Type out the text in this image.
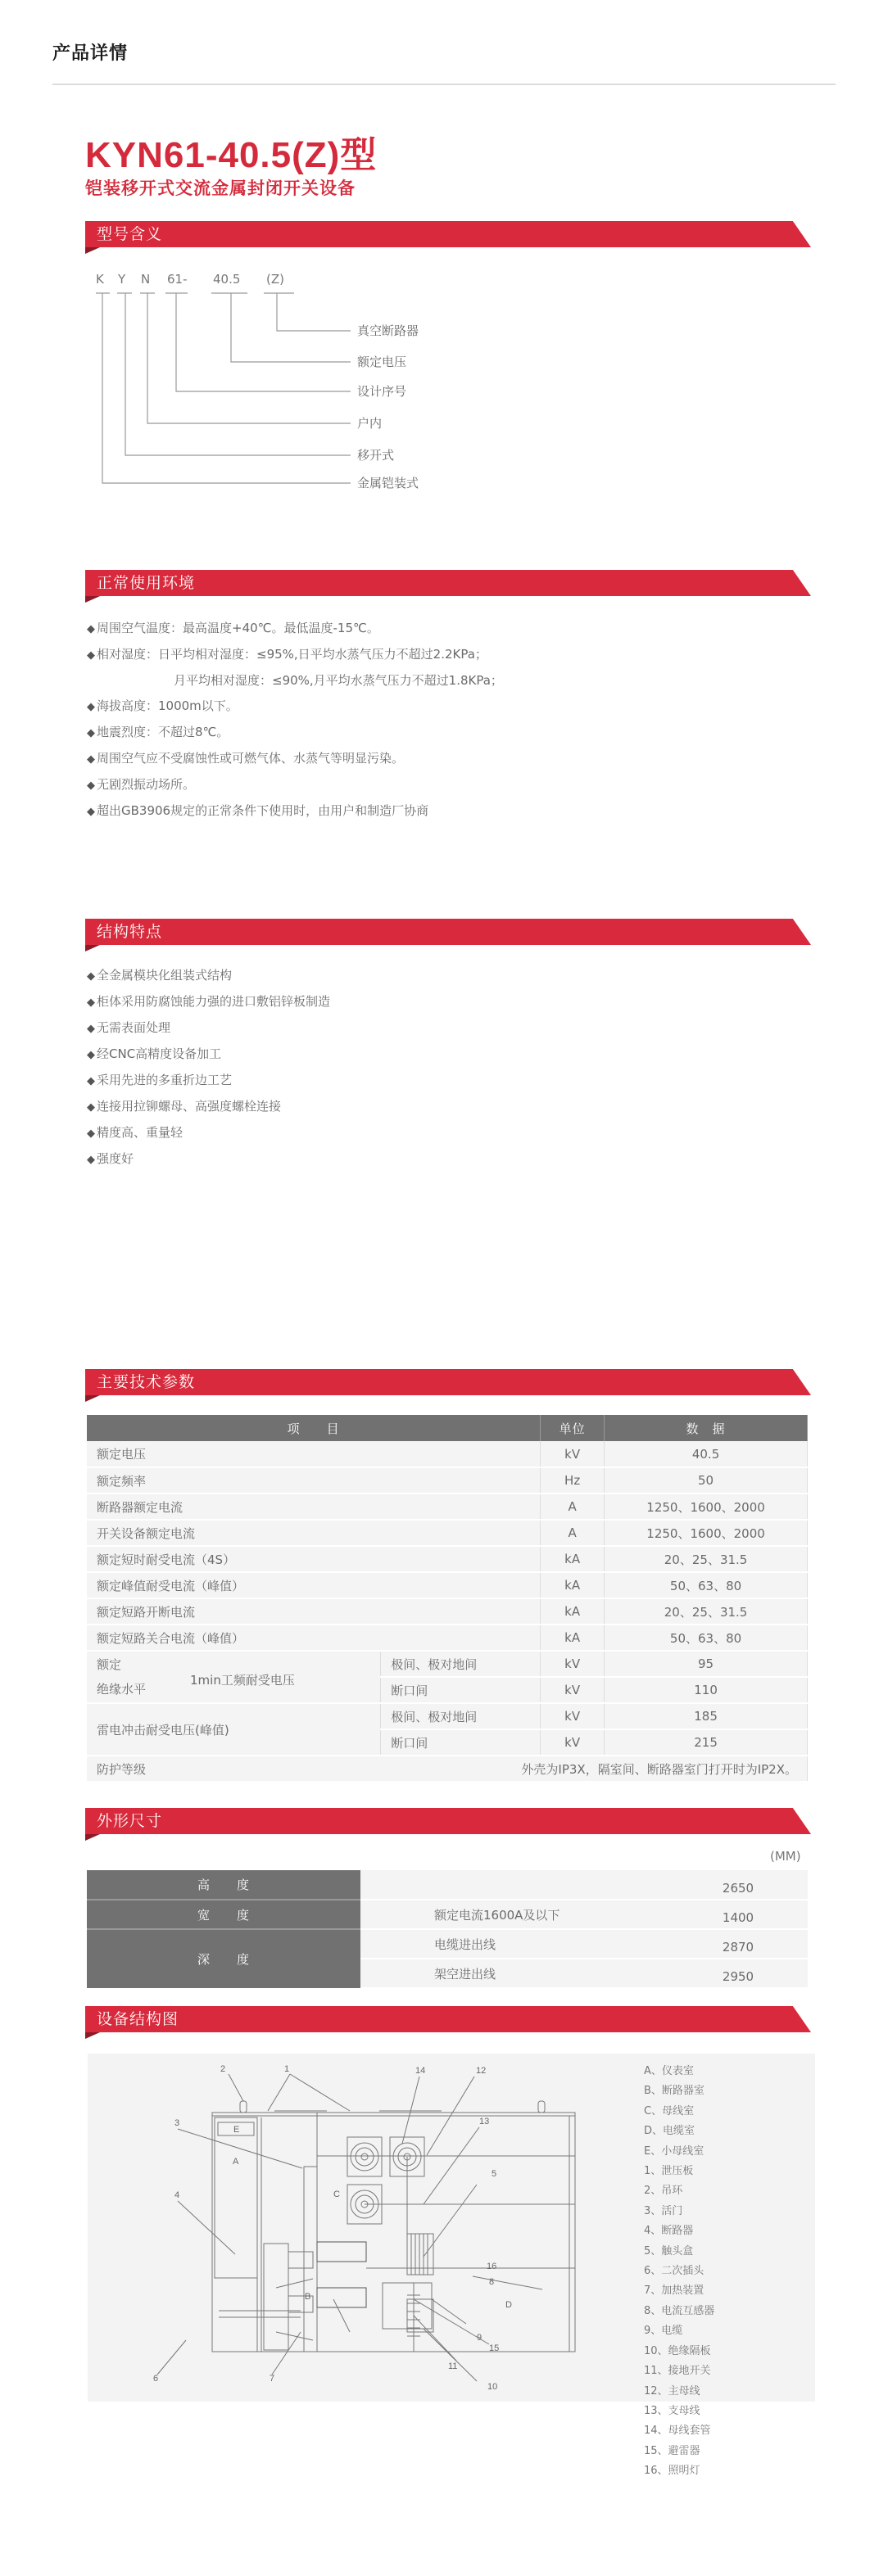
产品详情
KYN61-40.5(Z)型
铠装移开式交流金属封闭开关设备
型号含义
K Y N 61- 40.5 (Z)
真空断路器
额定电压
设计序号
户内
移开式
金属铠装式
正常使用环境
◆ 周围空气温度：最高温度+40℃。最低温度-15℃。
◆ 相对湿度：日平均相对湿度：≤95%,日平均水蒸气压力不超过2.2KPa；
月平均相对湿度：≤90%,月平均水蒸气压力不超过1.8KPa；
◆ 海拔高度：1000m以下。
◆ 地震烈度：不超过8℃。
◆ 周围空气应不受腐蚀性或可燃气体、水蒸气等明显污染。
◆ 无剧烈振动场所。
◆ 超出GB3906规定的正常条件下使用时，由用户和制造厂协商
结构特点
◆ 全金属模块化组装式结构
◆ 柜体采用防腐蚀能力强的进口敷铝锌板制造
◆ 无需表面处理
◆ 经CNC高精度设备加工
◆ 采用先进的多重折边工艺
◆ 连接用拉铆螺母、高强度螺栓连接
◆ 精度高、重量轻
◆ 强度好
主要技术参数
项　　目		单位	数　据
额定电压		kV	40.5
额定频率		Hz	50
断路器额定电流		A	1250、1600、2000
开关设备额定电流		A	1250、1600、2000
额定短时耐受电流（4S）		kA	20、25、31.5
额定峰值耐受电流（峰值）		kA	50、63、80
额定短路开断电流		kA	20、25、31.5
额定短路关合电流（峰值）		kA	50、63、80

额定
绝缘水平
1min工频耐受电压	极间、极对地间	kV	95
	断口间	kV	110
雷电冲击耐受电压(峰值)	极间、极对地间	kV	185
	断口间	kV	215
防护等级	外壳为IP3X，隔室间、断路器室门打开时为IP2X。		
外形尺寸
(MM)
高　　度		2650
宽　　度	额定电流1600A及以下	1400
深　　度	电缆进出线	2870
	架空进出线	2950
设备结构图
A
B
C
D
E
1
2
3
4
5
6	7
8
9
10
11
12
13
14
15
16
A、仪表室
B、断路器室
C、母线室
D、电缆室
E、小母线室
1、泄压板
2、吊环
3、活门
4、断路器
5、触头盒
6、二次插头
7、加热装置
8、电流互感器
9、电缆
10、绝缘隔板
11、接地开关
12、主母线
13、支母线
14、母线套管
15、避雷器
16、照明灯
